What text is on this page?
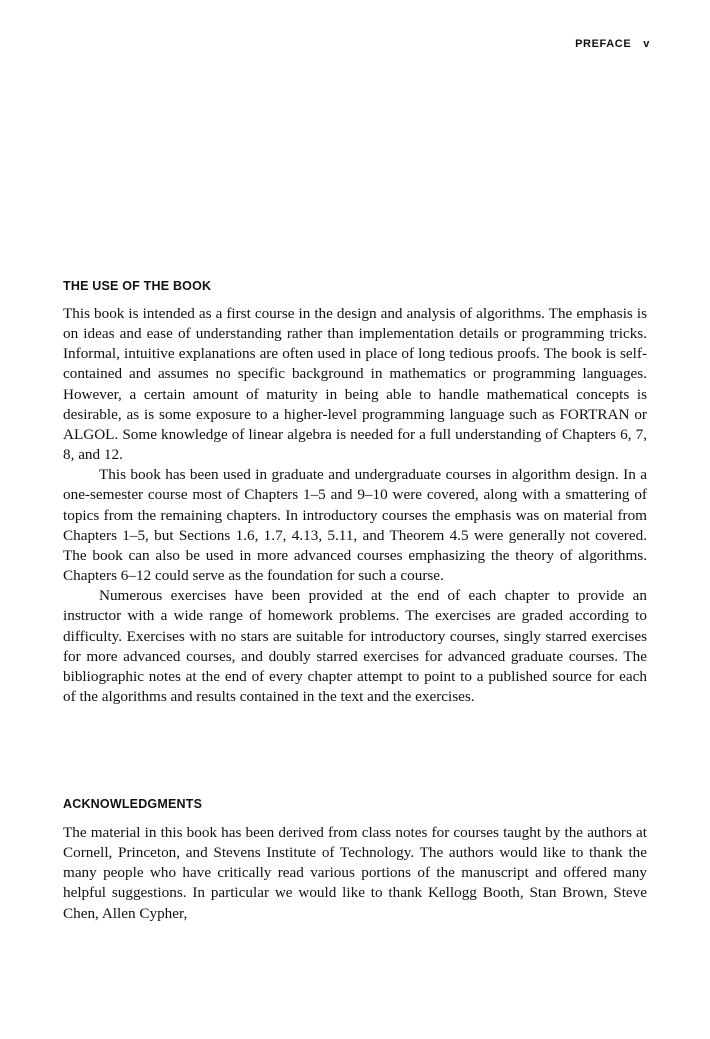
PREFACE v
THE USE OF THE BOOK

This book is intended as a first course in the design and analysis of algorithms. The emphasis is on ideas and ease of understanding rather than implementation details or programming tricks. Informal, intuitive explanations are often used in place of long tedious proofs. The book is self-contained and assumes no specific background in mathematics or programming languages. However, a certain amount of maturity in being able to handle mathematical concepts is desirable, as is some exposure to a higher-level programming language such as FORTRAN or ALGOL. Some knowledge of linear algebra is needed for a full understanding of Chapters 6, 7, 8, and 12.

This book has been used in graduate and undergraduate courses in algorithm design. In a one-semester course most of Chapters 1–5 and 9–10 were covered, along with a smattering of topics from the remaining chapters. In introductory courses the emphasis was on material from Chapters 1–5, but Sections 1.6, 1.7, 4.13, 5.11, and Theorem 4.5 were generally not covered. The book can also be used in more advanced courses emphasizing the theory of algorithms. Chapters 6–12 could serve as the foundation for such a course.

Numerous exercises have been provided at the end of each chapter to provide an instructor with a wide range of homework problems. The exercises are graded according to difficulty. Exercises with no stars are suitable for introductory courses, singly starred exercises for more advanced courses, and doubly starred exercises for advanced graduate courses. The bibliographic notes at the end of every chapter attempt to point to a published source for each of the algorithms and results contained in the text and the exercises.

ACKNOWLEDGMENTS

The material in this book has been derived from class notes for courses taught by the authors at Cornell, Princeton, and Stevens Institute of Technology. The authors would like to thank the many people who have critically read various portions of the manuscript and offered many helpful suggestions. In particular we would like to thank Kellogg Booth, Stan Brown, Steve Chen, Allen Cypher,
